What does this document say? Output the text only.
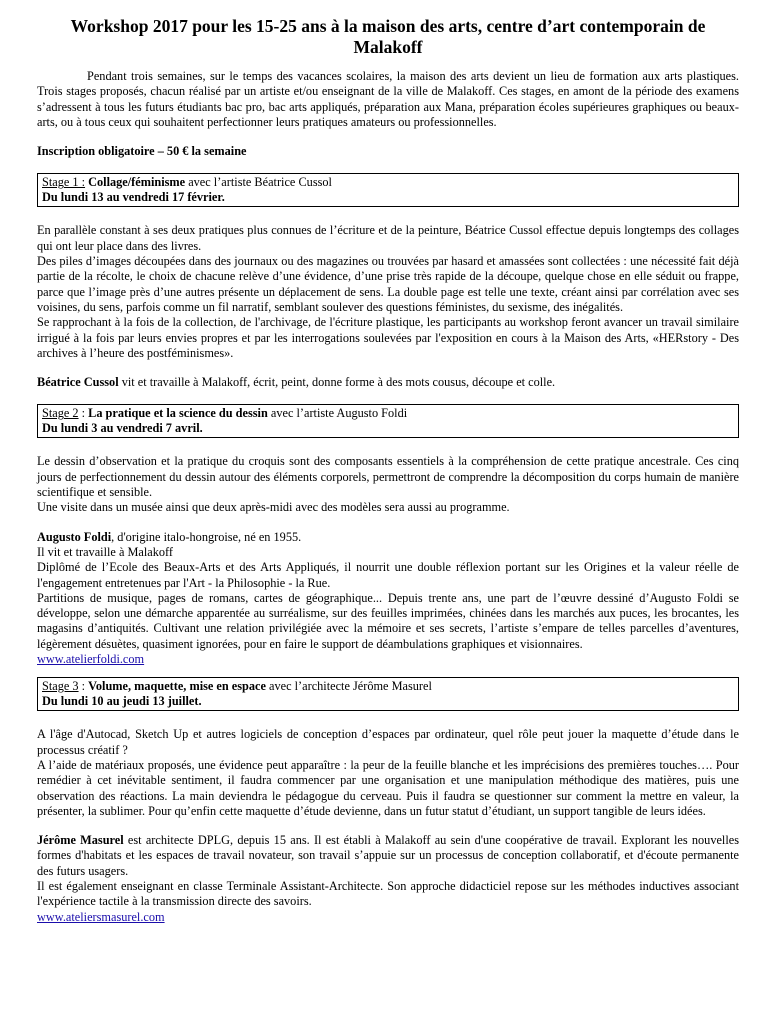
Workshop 2017 pour les 15-25 ans à la maison des arts, centre d’art contemporain de Malakoff

Pendant trois semaines, sur le temps des vacances scolaires, la maison des arts devient un lieu de formation aux arts plastiques. Trois stages proposés, chacun réalisé par un artiste et/ou enseignant de la ville de Malakoff. Ces stages, en amont de la période des examens s’adressent à tous les futurs étudiants bac pro, bac arts appliqués, préparation aux Mana, préparation écoles supérieures graphiques ou beaux-arts, ou à tous ceux qui souhaitent perfectionner leurs pratiques amateurs ou professionnelles.

Inscription obligatoire – 50 € la semaine

Stage 1 : Collage/féminisme avec l’artiste Béatrice Cussol
Du lundi 13 au vendredi 17 février.

En parallèle constant à ses deux pratiques plus connues de l’écriture et de la peinture, Béatrice Cussol effectue depuis longtemps des collages qui ont leur place dans des livres.

Des piles d’images découpées dans des journaux ou des magazines ou trouvées par hasard et amassées sont collectées : une nécessité fait déjà partie de la récolte, le choix de chacune relève d’une évidence, d’une prise très rapide de la découpe, quelque chose en elle séduit ou frappe, parce que l’image près d’une autres présente un déplacement de sens. La double page est telle une texte, créant ainsi par corrélation avec ses voisines, du sens, parfois comme un fil narratif, semblant soulever des questions féministes, du sexisme, des inégalités.

Se rapprochant à la fois de la collection, de l'archivage, de l'écriture plastique, les participants au workshop feront avancer un travail similaire irrigué à la fois par leurs envies propres et par les interrogations soulevées par l'exposition en cours à la Maison des Arts, «HERstory - Des archives à l’heure des postféminismes».

Béatrice Cussol vit et travaille à Malakoff, écrit, peint, donne forme à des mots cousus, découpe et colle.

Stage 2 : La pratique et la science du dessin avec l’artiste Augusto Foldi
Du lundi 3 au vendredi 7 avril.

Le dessin d’observation et la pratique du croquis sont des composants essentiels à la compréhension de cette pratique ancestrale. Ces cinq jours de perfectionnement du dessin autour des éléments corporels, permettront de comprendre la décomposition du corps humain de manière scientifique et sensible.

Une visite dans un musée ainsi que deux après-midi avec des modèles sera aussi au programme.

Augusto Foldi, d'origine italo-hongroise, né en 1955.

Il vit et travaille à Malakoff

Diplômé de l’Ecole des Beaux-Arts et des Arts Appliqués, il nourrit une double réflexion portant sur les Origines et la valeur réelle de l'engagement entretenues par l'Art - la Philosophie - la Rue.

Partitions de musique, pages de romans, cartes de géographique... Depuis trente ans, une part de l’œuvre dessiné d’Augusto Foldi se développe, selon une démarche apparentée au surréalisme, sur des feuilles imprimées, chinées dans les marchés aux puces, les brocantes, les magasins d’antiquités. Cultivant une relation privilégiée avec la mémoire et ses secrets, l’artiste s’empare de telles parcelles d’aventures, légèrement désuètes, quasiment ignorées, pour en faire le support de déambulations graphiques et visionnaires.

www.atelierfoldi.com

Stage 3 : Volume, maquette, mise en espace avec l’architecte Jérôme Masurel
Du lundi 10 au jeudi 13 juillet.

A l'âge d'Autocad, Sketch Up et autres logiciels de conception d’espaces par ordinateur, quel rôle peut jouer la maquette d’étude dans le processus créatif ?

A l’aide de matériaux proposés, une évidence peut apparaître : la peur de la feuille blanche et les imprécisions des premières touches…. Pour remédier à cet inévitable sentiment, il faudra commencer par une organisation et une manipulation méthodique des matières, puis une observation des réactions. La main deviendra le pédagogue du cerveau. Puis il faudra se questionner sur comment la mettre en valeur, la présenter, la sublimer. Pour qu’enfin cette maquette d’étude devienne, dans un futur statut d’étudiant, un support tangible de leurs idées.

Jérôme Masurel est architecte DPLG, depuis 15 ans. Il est établi à Malakoff au sein d'une coopérative de travail. Explorant les nouvelles formes d'habitats et les espaces de travail novateur, son travail s’appuie sur un processus de conception collaboratif, et d'écoute permanente des futurs usagers.

Il est également enseignant en classe Terminale Assistant-Architecte. Son approche didacticiel repose sur les méthodes inductives associant l'expérience tactile à la transmission directe des savoirs.

www.ateliersmasurel.com
